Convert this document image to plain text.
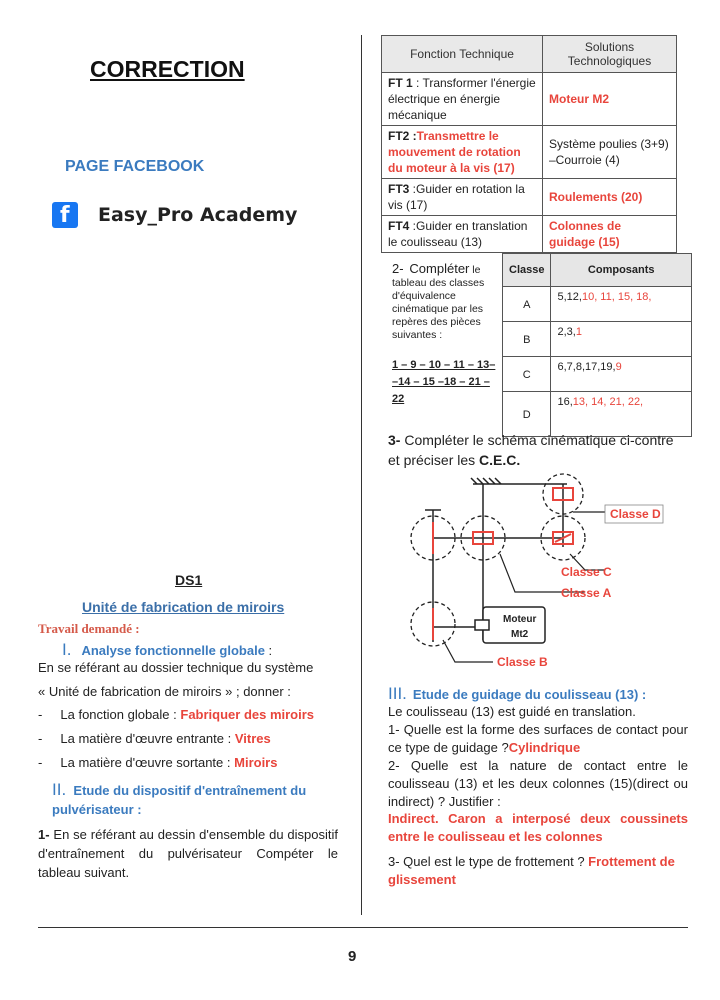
CORRECTION
PAGE FACEBOOK
f Easy_Pro Academy
DS1
Unité de fabrication de miroirs
Travail demandé :
I. Analyse fonctionnelle globale :
En se référant au dossier technique du système
« Unité de fabrication de miroirs » ; donner :
-     La fonction globale : Fabriquer des miroirs
-     La matière d'œuvre entrante : Vitres
-     La matière d'œuvre sortante : Miroirs
II. Etude du dispositif d'entraînement du pulvérisateur :
1- En se référant au dessin d'ensemble du dispositif d'entraînement du pulvérisateur Compéter le tableau suivant.
Fonction Technique	Solutions Technologiques
FT 1 : Transformer l'énergie électrique en énergie mécanique	Moteur M2
FT2 :Transmettre le mouvement de rotation du moteur à la vis (17)	Système poulies (3+9) –Courroie (4)
FT3 :Guider en rotation la vis (17)	Roulements (20)
FT4 :Guider en translation le coulisseau (13)	Colonnes de guidage (15)
2- Compléter le tableau des classes d'équivalence cinématique par les repères des pièces suivantes :
1 – 9 – 10 – 11 – 13–
–14 – 15 –18 – 21 –
22
Classe	Composants
A	5,12,10, 11, 15, 18,
B	2,3,1
C	6,7,8,17,19,9
D	16,13, 14, 21, 22,
3- Compléter le schéma cinématique ci-contre et préciser les C.E.C.
Classe D
Classe C
Classe A
Classe B
Moteur
Mt2
III. Etude de guidage du coulisseau (13) :
Le coulisseau (13) est guidé en translation.
1- Quelle est la forme des surfaces de contact pour ce type de guidage ?Cylindrique
2- Quelle est la nature de contact entre le coulisseau (13) et les deux colonnes (15)(direct ou indirect) ? Justifier :
Indirect. Caron a interposé deux coussinets entre le coulisseau et les colonnes
3- Quel est le type de frottement ? Frottement de glissement
9
